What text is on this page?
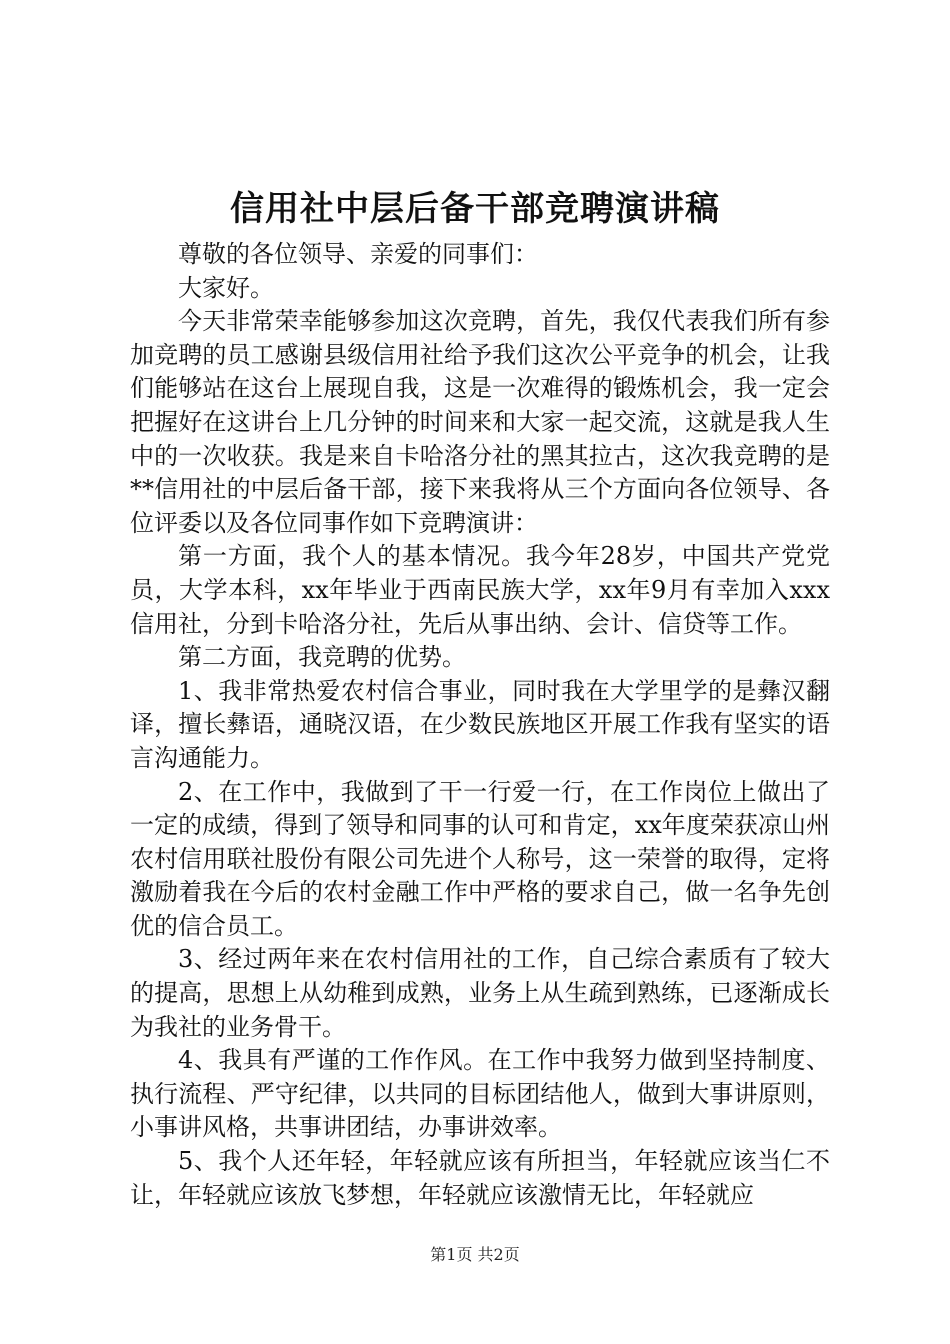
信用社中层后备干部竞聘演讲稿

尊敬的各位领导、亲爱的同事们：

大家好。

今天非常荣幸能够参加这次竞聘，首先，我仅代表我们所有参加竞聘的员工感谢县级信用社给予我们这次公平竞争的机会，让我们能够站在这台上展现自我，这是一次难得的锻炼机会，我一定会把握好在这讲台上几分钟的时间来和大家一起交流，这就是我人生中的一次收获。我是来自卡哈洛分社的黑其拉古，这次我竞聘的是**信用社的中层后备干部，接下来我将从三个方面向各位领导、各位评委以及各位同事作如下竞聘演讲：

第一方面，我个人的基本情况。我今年28岁，中国共产党党员，大学本科，xx年毕业于西南民族大学，xx年9月有幸加入xxx信用社，分到卡哈洛分社，先后从事出纳、会计、信贷等工作。

第二方面，我竞聘的优势。

1、我非常热爱农村信合事业，同时我在大学里学的是彝汉翻译，擅长彝语，通晓汉语，在少数民族地区开展工作我有坚实的语言沟通能力。

2、在工作中，我做到了干一行爱一行，在工作岗位上做出了一定的成绩，得到了领导和同事的认可和肯定，xx年度荣获凉山州农村信用联社股份有限公司先进个人称号，这一荣誉的取得，定将激励着我在今后的农村金融工作中严格的要求自己，做一名争先创优的信合员工。

3、经过两年来在农村信用社的工作，自己综合素质有了较大的提高，思想上从幼稚到成熟，业务上从生疏到熟练，已逐渐成长为我社的业务骨干。

4、我具有严谨的工作作风。在工作中我努力做到坚持制度、执行流程、严守纪律，以共同的目标团结他人，做到大事讲原则，小事讲风格，共事讲团结，办事讲效率。

5、我个人还年轻，年轻就应该有所担当，年轻就应该当仁不让，年轻就应该放飞梦想，年轻就应该激情无比，年轻就应

第1页 共2页
